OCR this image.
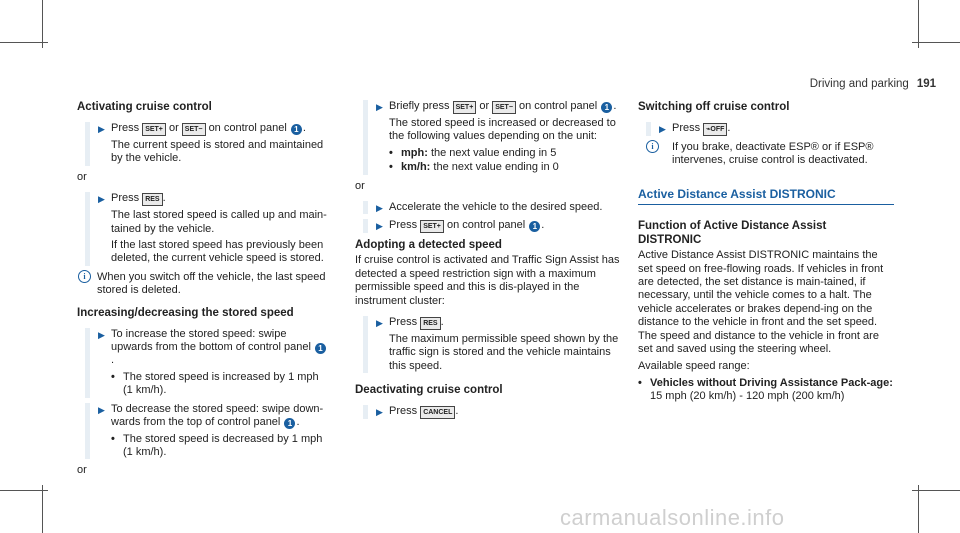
Driving and parking 191
Activating cruise control
▶ Press SET+ or SET− on control panel 1 .

The current speed is stored and maintained by the vehicle.

or
▶ Press RES .

The last stored speed is called up and main-tained by the vehicle.

If the last stored speed has previously been deleted, the current vehicle speed is stored.

i	When you switch off the vehicle, the last speed stored is deleted.
Increasing/decreasing the stored speed
▶ To increase the stored speed: swipe upwards from the bottom of control panel 1.

• The stored speed is increased by 1 mph (1 km/h).
▶ To decrease the stored speed: swipe down-wards from the top of control panel 1 .

• The stored speed is decreased by 1 mph (1 km/h).
or
▶ Briefly press SET+ or SET− on control panel 1 .

The stored speed is increased or decreased to the following values depending on the unit:

• mph: the next value ending in 5
• km/h: the next value ending in 0
or
▶ Accelerate the vehicle to the desired speed.

▶ Press SET+ on control panel 1 .

Adopting a detected speed

If cruise control is activated and Traffic Sign Assist has detected a speed restriction sign with a maximum permissible speed and this is dis-played in the instrument cluster:

▶ Press RES .

The maximum permissible speed shown by the traffic sign is stored and the vehicle maintains this speed.

Deactivating cruise control
▶ Press CANCEL .

Switching off cruise control
▶ Press ⌁OFF .

i	If you brake, deactivate ESP® or if ESP® intervenes, cruise control is deactivated.
Active Distance Assist DISTRONIC
Function of Active Distance Assist
DISTRONIC

Active Distance Assist DISTRONIC maintains the set speed on free-flowing roads. If vehicles in front are detected, the set distance is main-tained, if necessary, until the vehicle comes to a halt. The vehicle accelerates or brakes depend-ing on the distance to the vehicle in front and the set speed. The speed and distance to the vehicle in front are set and saved using the steering wheel.

Available speed range:

• Vehicles without Driving Assistance Pack-age: 15 mph (20 km/h) - 120 mph (200 km/h)
carmanualsonline.info
